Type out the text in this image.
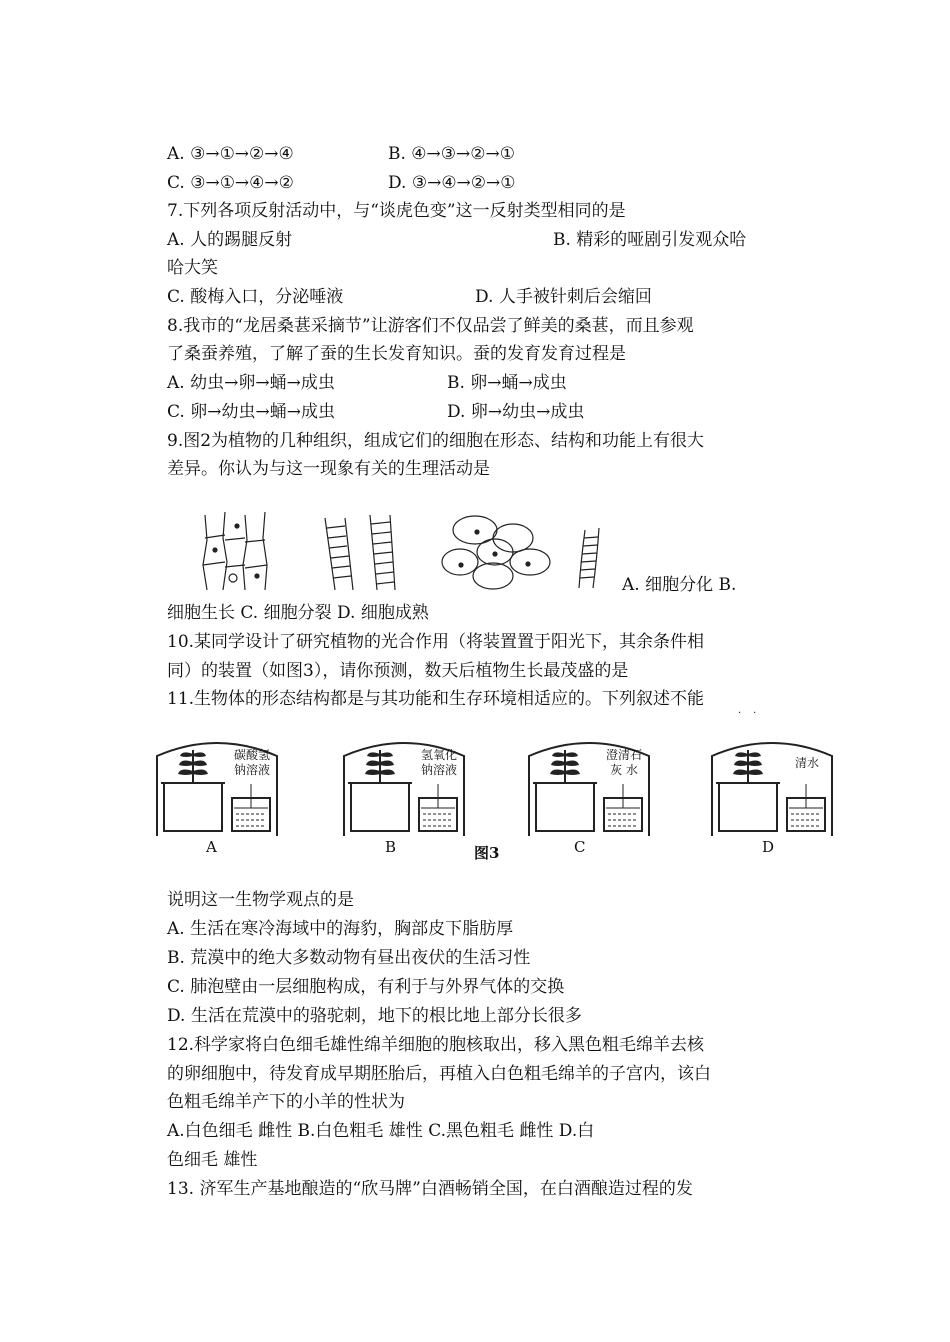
A. ③→①→②→④	B. ④→③→②→①
C. ③→①→④→②	D. ③→④→②→①
7.下列各项反射活动中，与“谈虎色变”这一反射类型相同的是
A. 人的踢腿反射	B. 精彩的哑剧引发观众哈
哈大笑
C. 酸梅入口，分泌唾液	D. 人手被针刺后会缩回
8.我市的“龙居桑葚采摘节”让游客们不仅品尝了鲜美的桑葚，而且参观
了桑蚕养殖，了解了蚕的生长发育知识。蚕的发育发育过程是
A. 幼虫→卵→蛹→成虫	B. 卵→蛹→成虫
C. 卵→幼虫→蛹→成虫	D. 卵→幼虫→成虫
9.图2为植物的几种组织，组成它们的细胞在形态、结构和功能上有很大
差异。你认为与这一现象有关的生理活动是
A. 细胞分化 B.
细胞生长 C. 细胞分裂 D. 细胞成熟
10.某同学设计了研究植物的光合作用（将装置置于阳光下，其余条件相
同）的装置（如图3），请你预测，数天后植物生长最茂盛的是
11.生物体的形态结构都是与其功能和生存环境相适应的。下列叙述不能
··
碳酸氢
钠溶液
A
氢氧化
钠溶液
B
澄清石
灰 水
C
图3
清水
D
说明这一生物学观点的是
A. 生活在寒冷海域中的海豹，胸部皮下脂肪厚
B. 荒漠中的绝大多数动物有昼出夜伏的生活习性
C. 肺泡壁由一层细胞构成，有利于与外界气体的交换
D. 生活在荒漠中的骆驼刺，地下的根比地上部分长很多
12.科学家将白色细毛雄性绵羊细胞的胞核取出，移入黑色粗毛绵羊去核
的卵细胞中，待发育成早期胚胎后，再植入白色粗毛绵羊的子宫内，该白
色粗毛绵羊产下的小羊的性状为
A.白色细毛 雌性 B.白色粗毛 雄性 C.黑色粗毛 雌性 D.白
色细毛 雄性
13. 济军生产基地酿造的“欣马牌”白酒畅销全国，在白酒酿造过程的发
